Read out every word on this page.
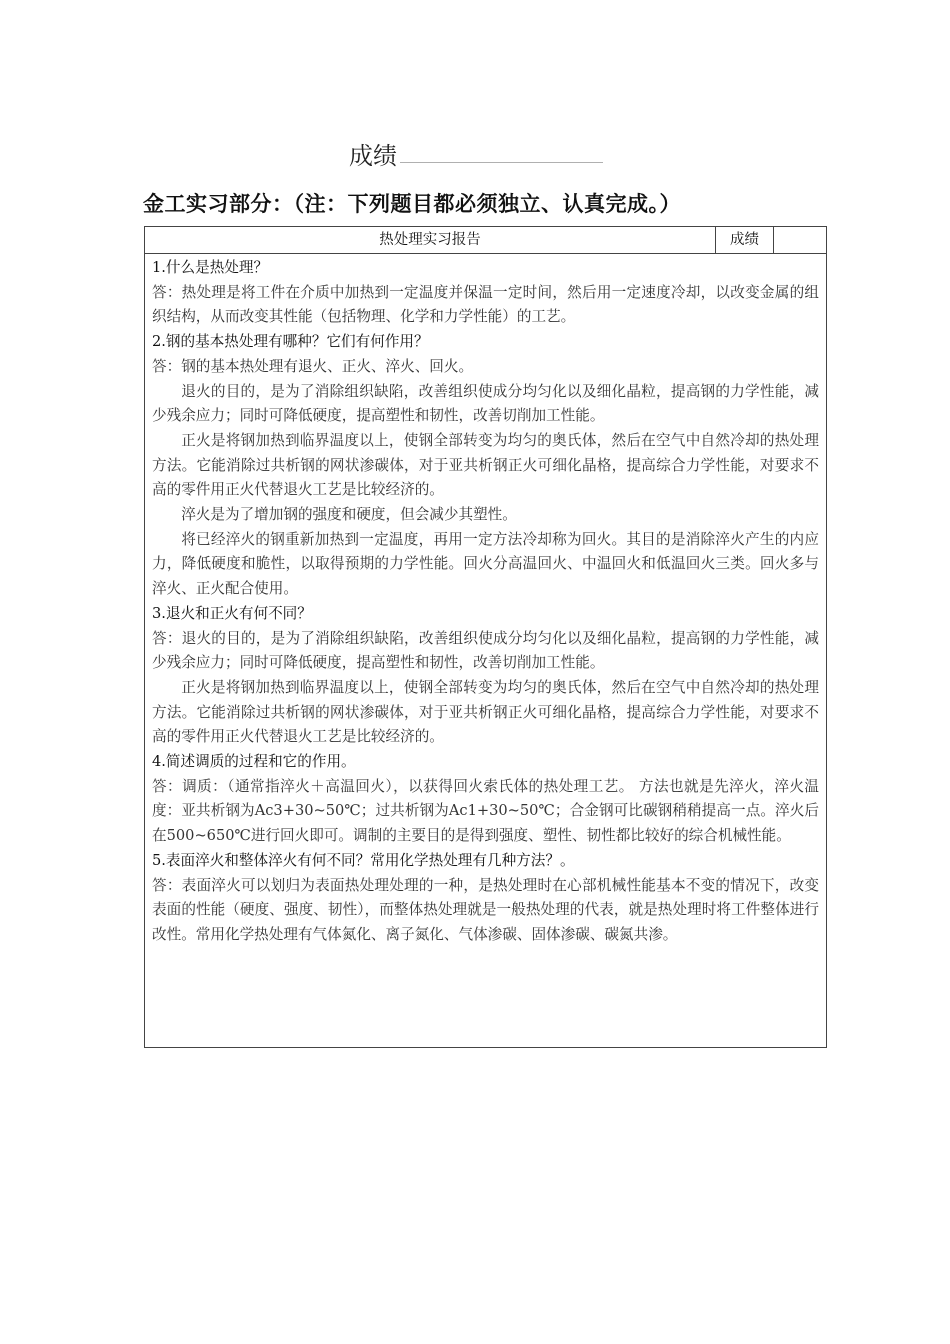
成绩
金工实习部分：（注：下列题目都必须独立、认真完成。）
热处理实习报告	成绩

1.什么是热处理？

答：热处理是将工件在介质中加热到一定温度并保温一定时间，然后用一定速度冷却，以改变金属的组织结构，从而改变其性能（包括物理、化学和力学性能）的工艺。

2.钢的基本热处理有哪种？它们有何作用？

答：钢的基本热处理有退火、正火、淬火、回火。

退火的目的，是为了消除组织缺陷，改善组织使成分均匀化以及细化晶粒，提高钢的力学性能，减少残余应力；同时可降低硬度，提高塑性和韧性，改善切削加工性能。

正火是将钢加热到临界温度以上，使钢全部转变为均匀的奥氏体，然后在空气中自然冷却的热处理方法。它能消除过共析钢的网状渗碳体，对于亚共析钢正火可细化晶格，提高综合力学性能，对要求不高的零件用正火代替退火工艺是比较经济的。

淬火是为了增加钢的强度和硬度，但会减少其塑性。

将已经淬火的钢重新加热到一定温度，再用一定方法冷却称为回火。其目的是消除淬火产生的内应力，降低硬度和脆性，以取得预期的力学性能。回火分高温回火、中温回火和低温回火三类。回火多与淬火、正火配合使用。

3.退火和正火有何不同？

答：退火的目的，是为了消除组织缺陷，改善组织使成分均匀化以及细化晶粒，提高钢的力学性能，减少残余应力；同时可降低硬度，提高塑性和韧性，改善切削加工性能。

正火是将钢加热到临界温度以上，使钢全部转变为均匀的奥氏体，然后在空气中自然冷却的热处理方法。它能消除过共析钢的网状渗碳体，对于亚共析钢正火可细化晶格，提高综合力学性能，对要求不高的零件用正火代替退火工艺是比较经济的。

4.简述调质的过程和它的作用。

答：调质：（通常指淬火＋高温回火），以获得回火索氏体的热处理工艺。 方法也就是先淬火，淬火温度：亚共析钢为Ac3+30~50℃；过共析钢为Ac1+30~50℃；合金钢可比碳钢稍稍提高一点。淬火后在500~650℃进行回火即可。调制的主要目的是得到强度、塑性、韧性都比较好的综合机械性能。

5.表面淬火和整体淬火有何不同？常用化学热处理有几种方法？。

答：表面淬火可以划归为表面热处理处理的一种，是热处理时在心部机械性能基本不变的情况下，改变表面的性能（硬度、强度、韧性），而整体热处理就是一般热处理的代表，就是热处理时将工件整体进行改性。常用化学热处理有气体氮化、离子氮化、气体渗碳、固体渗碳、碳氮共渗。
